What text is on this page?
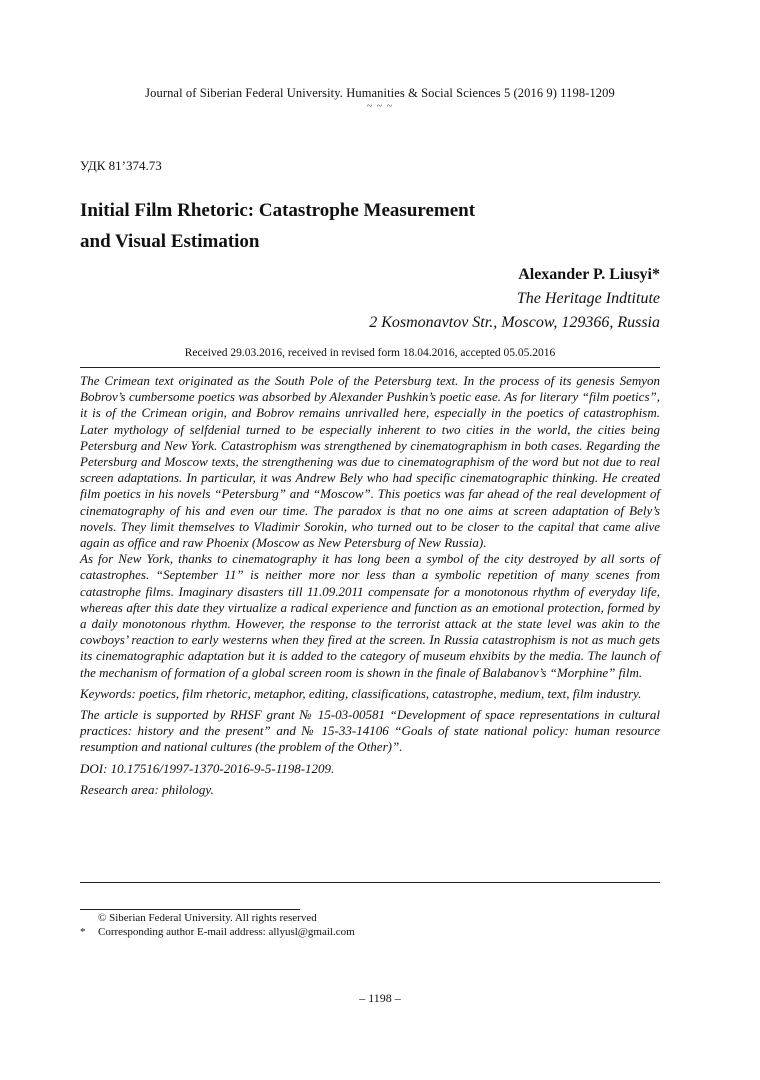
Journal of Siberian Federal University. Humanities & Social Sciences 5 (2016 9) 1198-1209
~ ~ ~
УДК 81’374.73
Initial Film Rhetoric: Catastrophe Measurement
and Visual Estimation
Alexander P. Liusyi*
The Heritage Indtitute
2 Kosmonavtov Str., Moscow, 129366, Russia
Received 29.03.2016, received in revised form 18.04.2016, accepted 05.05.2016

The Crimean text originated as the South Pole of the Petersburg text. In the process of its genesis Semyon Bobrov’s cumbersome poetics was absorbed by Alexander Pushkin’s poetic ease. As for literary “film poetics”, it is of the Crimean origin, and Bobrov remains unrivalled here, especially in the poetics of catastrophism. Later mythology of selfdenial turned to be especially inherent to two cities in the world, the cities being Petersburg and New York. Catastrophism was strengthened by cinematographism in both cases. Regarding the Petersburg and Moscow texts, the strengthening was due to cinematographism of the word but not due to real screen adaptations. In particular, it was Andrew Bely who had specific cinematographic thinking. He created film poetics in his novels “Petersburg” and “Moscow”. This poetics was far ahead of the real development of cinematography of his and even our time. The paradox is that no one aims at screen adaptation of Bely’s novels. They limit themselves to Vladimir Sorokin, who turned out to be closer to the capital that came alive again as office and raw Phoenix (Moscow as New Petersburg of New Russia).

As for New York, thanks to cinematography it has long been a symbol of the city destroyed by all sorts of catastrophes. “September 11” is neither more nor less than a symbolic repetition of many scenes from catastrophe films. Imaginary disasters till 11.09.2011 compensate for a monotonous rhythm of everyday life, whereas after this date they virtualize a radical experience and function as an emotional protection, formed by a daily monotonous rhythm. However, the response to the terrorist attack at the state level was akin to the cowboys’ reaction to early westerns when they fired at the screen. In Russia catastrophism is not as much gets its cinematographic adaptation but it is added to the category of museum ehxibits by the media. The launch of the mechanism of formation of a global screen room is shown in the finale of Balabanov’s “Morphine” film.

Keywords: poetics, film rhetoric, metaphor, editing, classifications, catastrophe, medium, text, film industry.

The article is supported by RHSF grant № 15-03-00581 “Development of space representations in cultural practices: history and the present” and № 15-33-14106 “Goals of state national policy: human resource resumption and national cultures (the problem of the Other)”.

DOI: 10.17516/1997-1370-2016-9-5-1198-1209.

Research area: philology.

© Siberian Federal University. All rights reserved
* Corresponding author E-mail address: allyusl@gmail.com
– 1198 –
